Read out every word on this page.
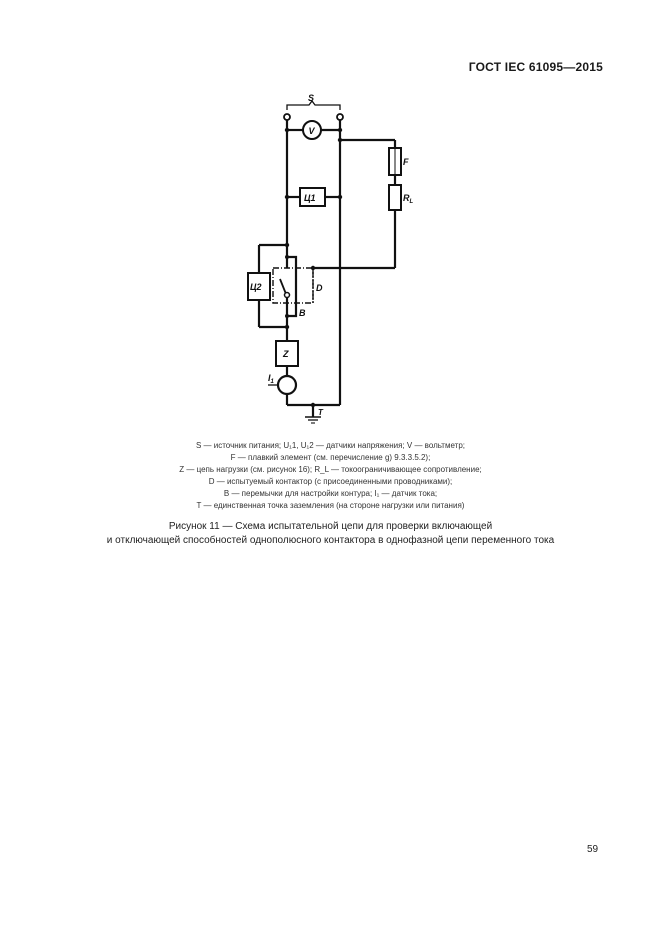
ГОСТ IEC 61095—2015
S
V
F
$R_L$
Ц1
Ц2	D
B
Z
$I_1$
T
S — источник питания; U₁1, U₁2 — датчики напряжения; V — вольтметр;
F — плавкий элемент (см. перечисление g) 9.3.3.5.2);
Z — цепь нагрузки (см. рисунок 16); R_L — токоограничивающее сопротивление;
D — испытуемый контактор (с присоединенными проводниками);
B — перемычки для настройки контура; I₁ — датчик тока;
T — единственная точка заземления (на стороне нагрузки или питания)
Рисунок 11 — Схема испытательной цепи для проверки включающей
и отключающей способностей однополюсного контактора в однофазной цепи переменного тока
59
